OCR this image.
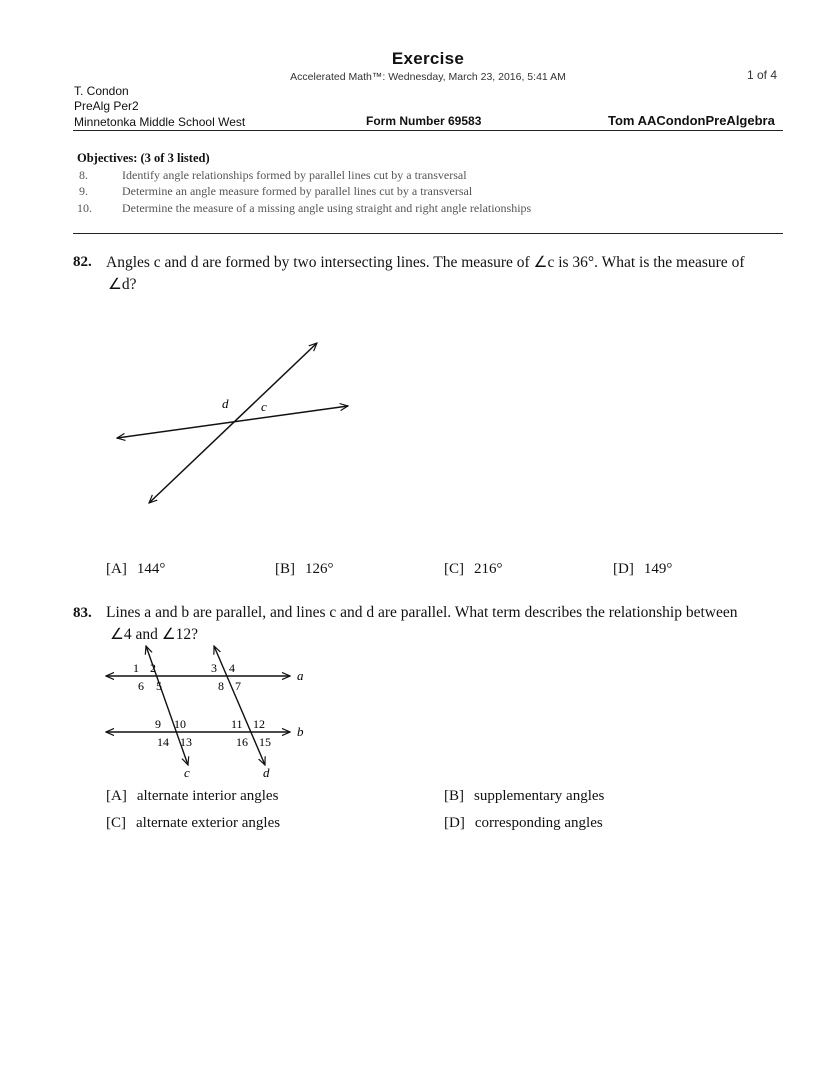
Exercise
Accelerated Math™: Wednesday, March 23, 2016, 5:41 AM	1 of 4
T. Condon
PreAlg Per2
Minnetonka Middle School West	Form Number 69583	Tom AACondonPreAlgebra
Objectives: (3 of 3 listed)
8.	Identify angle relationships formed by parallel lines cut by a transversal
9.	Determine an angle measure formed by parallel lines cut by a transversal
10.	Determine the measure of a missing angle using straight and right angle relationships
82. Angles c and d are formed by two intersecting lines. The measure of ∠c is 36°. What is the measure of
∠d?
d	c
[A] 144°	[B] 126°	[C] 216°	[D] 149°
83. Lines a and b are parallel, and lines c and d are parallel. What term describes the relationship between
∠4 and ∠12?
a
b
c	d
1 2	3 4
5
6	7
8
9 10	11 12
13
14	15
16
[A] alternate interior angles	[B] supplementary angles
[C] alternate exterior angles	[D] corresponding angles
